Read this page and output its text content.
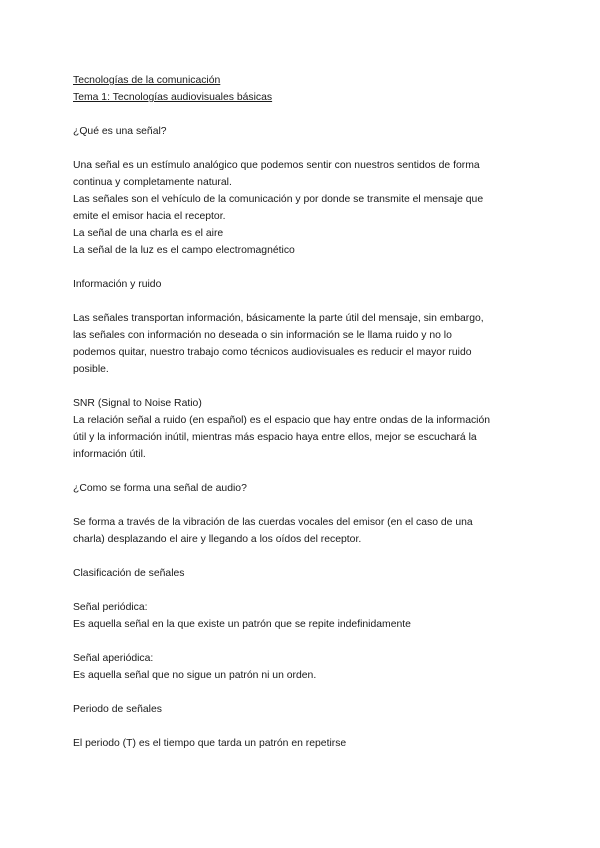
Tecnologías de la comunicación
Tema 1: Tecnologías audiovisuales básicas
¿Qué es una señal?
Una señal es un estímulo analógico que podemos sentir con nuestros sentidos de forma
continua y completamente natural.
Las señales son el vehículo de la comunicación y por donde se transmite el mensaje que
emite el emisor hacia el receptor.
La señal de una charla es el aire
La señal de la luz es el campo electromagnético
Información y ruido
Las señales transportan información, básicamente la parte útil del mensaje, sin embargo,
las señales con información no deseada o sin información se le llama ruido y no lo
podemos quitar, nuestro trabajo como técnicos audiovisuales es reducir el mayor ruido
posible.
SNR (Signal to Noise Ratio)
La relación señal a ruido (en español) es el espacio que hay entre ondas de la información
útil y la información inútil, mientras más espacio haya entre ellos, mejor se escuchará la
información útil.
¿Como se forma una señal de audio?
Se forma a través de la vibración de las cuerdas vocales del emisor (en el caso de una
charla) desplazando el aire y llegando a los oídos del receptor.
Clasificación de señales
Señal periódica:
Es aquella señal en la que existe un patrón que se repite indefinidamente
Señal aperiódica:
Es aquella señal que no sigue un patrón ni un orden.
Periodo de señales
El periodo (T) es el tiempo que tarda un patrón en repetirse
